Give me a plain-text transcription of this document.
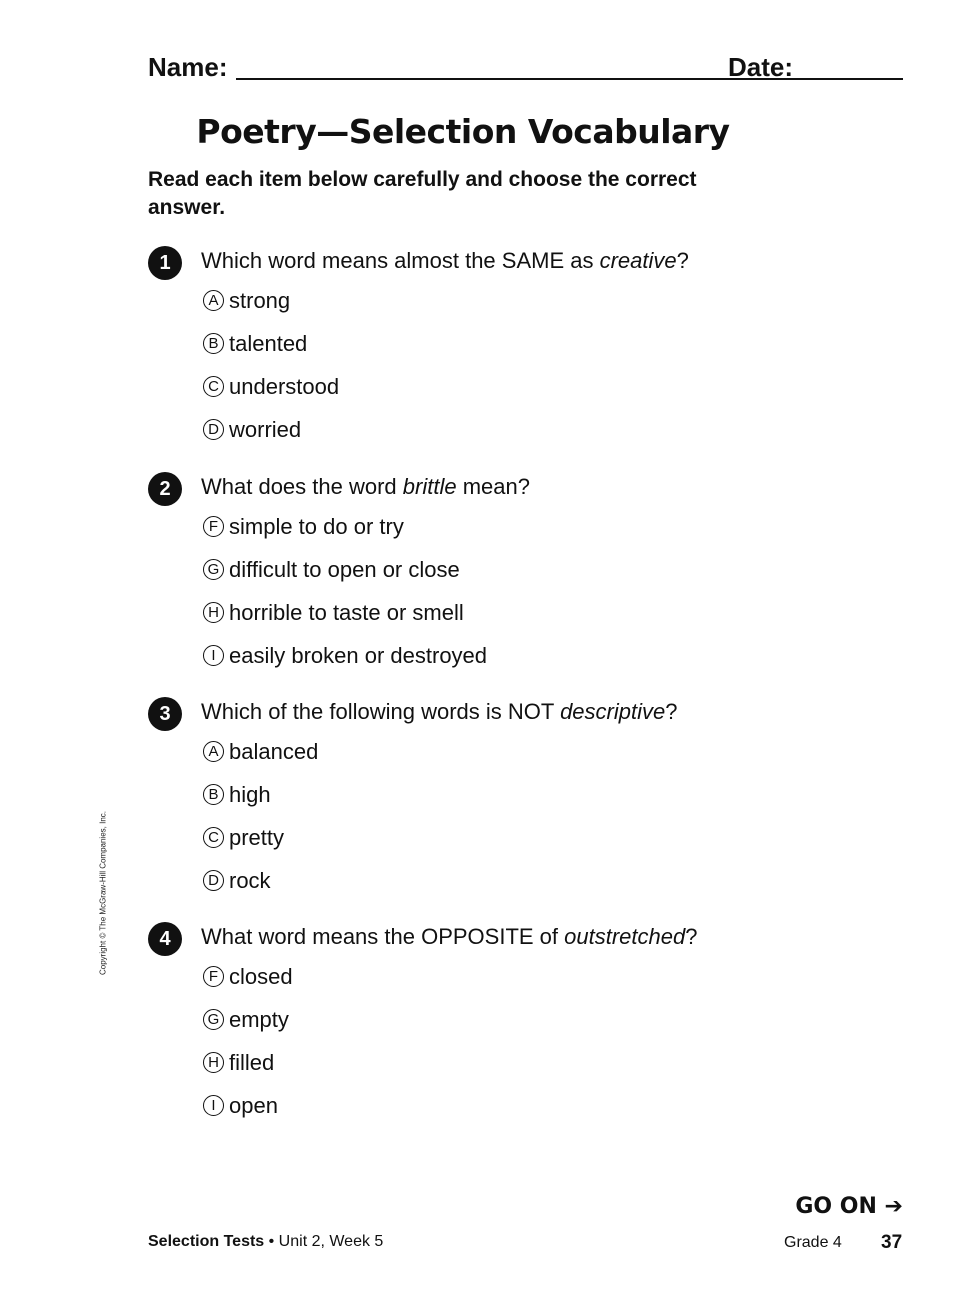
Name:	Date:
Poetry—Selection Vocabulary

Read each item below carefully and choose the correct answer.

1	Which word means almost the SAME as creative?
A strong
B talented
C understood
D worried
2	What does the word brittle mean?
F simple to do or try
G difficult to open or close
H horrible to taste or smell
I easily broken or destroyed
3	Which of the following words is NOT descriptive?
A balanced
B high
C pretty
D rock
4	What word means the OPPOSITE of outstretched?
F closed
G empty
H filled
I open
Copyright © The McGraw-Hill Companies, Inc.
GO ON ➔
Selection Tests • Unit 2, Week 5	Grade 4 37
